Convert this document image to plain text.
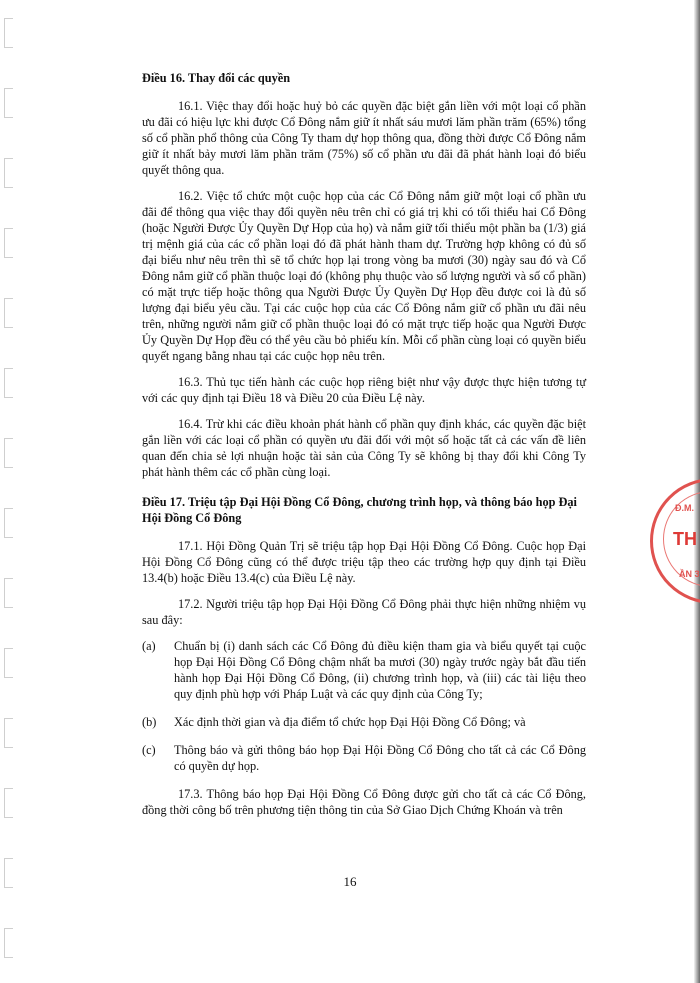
Đ.M.
TH
ẦN 3
Điều 16. Thay đổi các quyền

16.1. Việc thay đổi hoặc huỷ bỏ các quyền đặc biệt gắn liền với một loại cổ phần ưu đãi có hiệu lực khi được Cổ Đông nắm giữ ít nhất sáu mươi lăm phần trăm (65%) tổng số cổ phần phổ thông của Công Ty tham dự họp thông qua, đồng thời được Cổ Đông nắm giữ ít nhất bảy mươi lăm phần trăm (75%) số cổ phần ưu đãi đã phát hành loại đó biểu quyết thông qua.

16.2. Việc tổ chức một cuộc họp của các Cổ Đông nắm giữ một loại cổ phần ưu đãi để thông qua việc thay đổi quyền nêu trên chỉ có giá trị khi có tối thiểu hai Cổ Đông (hoặc Người Được Ủy Quyền Dự Họp của họ) và nắm giữ tối thiểu một phần ba (1/3) giá trị mệnh giá của các cổ phần loại đó đã phát hành tham dự. Trường hợp không có đủ số đại biểu như nêu trên thì sẽ tổ chức họp lại trong vòng ba mươi (30) ngày sau đó và Cổ Đông nắm giữ cổ phần thuộc loại đó (không phụ thuộc vào số lượng người và số cổ phần) có mặt trực tiếp hoặc thông qua Người Được Ủy Quyền Dự Họp đều được coi là đủ số lượng đại biểu yêu cầu. Tại các cuộc họp của các Cổ Đông nắm giữ cổ phần ưu đãi nêu trên, những người nắm giữ cổ phần thuộc loại đó có mặt trực tiếp hoặc qua Người Được Ủy Quyền Dự Họp đều có thể yêu cầu bỏ phiếu kín. Mỗi cổ phần cùng loại có quyền biểu quyết ngang bằng nhau tại các cuộc họp nêu trên.

16.3. Thủ tục tiến hành các cuộc họp riêng biệt như vậy được thực hiện tương tự với các quy định tại Điều 18 và Điều 20 của Điều Lệ này.

16.4. Trừ khi các điều khoản phát hành cổ phần quy định khác, các quyền đặc biệt gắn liền với các loại cổ phần có quyền ưu đãi đối với một số hoặc tất cả các vấn đề liên quan đến chia sẻ lợi nhuận hoặc tài sản của Công Ty sẽ không bị thay đổi khi Công Ty phát hành thêm các cổ phần cùng loại.

Điều 17. Triệu tập Đại Hội Đồng Cổ Đông, chương trình họp, và thông báo họp Đại Hội Đồng Cổ Đông

17.1. Hội Đồng Quản Trị sẽ triệu tập họp Đại Hội Đồng Cổ Đông. Cuộc họp Đại Hội Đồng Cổ Đông cũng có thể được triệu tập theo các trường hợp quy định tại Điều 13.4(b) hoặc Điều 13.4(c) của Điều Lệ này.

17.2. Người triệu tập họp Đại Hội Đồng Cổ Đông phải thực hiện những nhiệm vụ sau đây:

(a)	Chuẩn bị (i) danh sách các Cổ Đông đủ điều kiện tham gia và biểu quyết tại cuộc họp Đại Hội Đồng Cổ Đông chậm nhất ba mươi (30) ngày trước ngày bắt đầu tiến hành họp Đại Hội Đồng Cổ Đông, (ii) chương trình họp, và (iii) các tài liệu theo quy định phù hợp với Pháp Luật và các quy định của Công Ty;
(b)	Xác định thời gian và địa điểm tổ chức họp Đại Hội Đồng Cổ Đông; và
(c)	Thông báo và gửi thông báo họp Đại Hội Đồng Cổ Đông cho tất cả các Cổ Đông có quyền dự họp.

17.3. Thông báo họp Đại Hội Đồng Cổ Đông được gửi cho tất cả các Cổ Đông, đồng thời công bố trên phương tiện thông tin của Sở Giao Dịch Chứng Khoán và trên

16
